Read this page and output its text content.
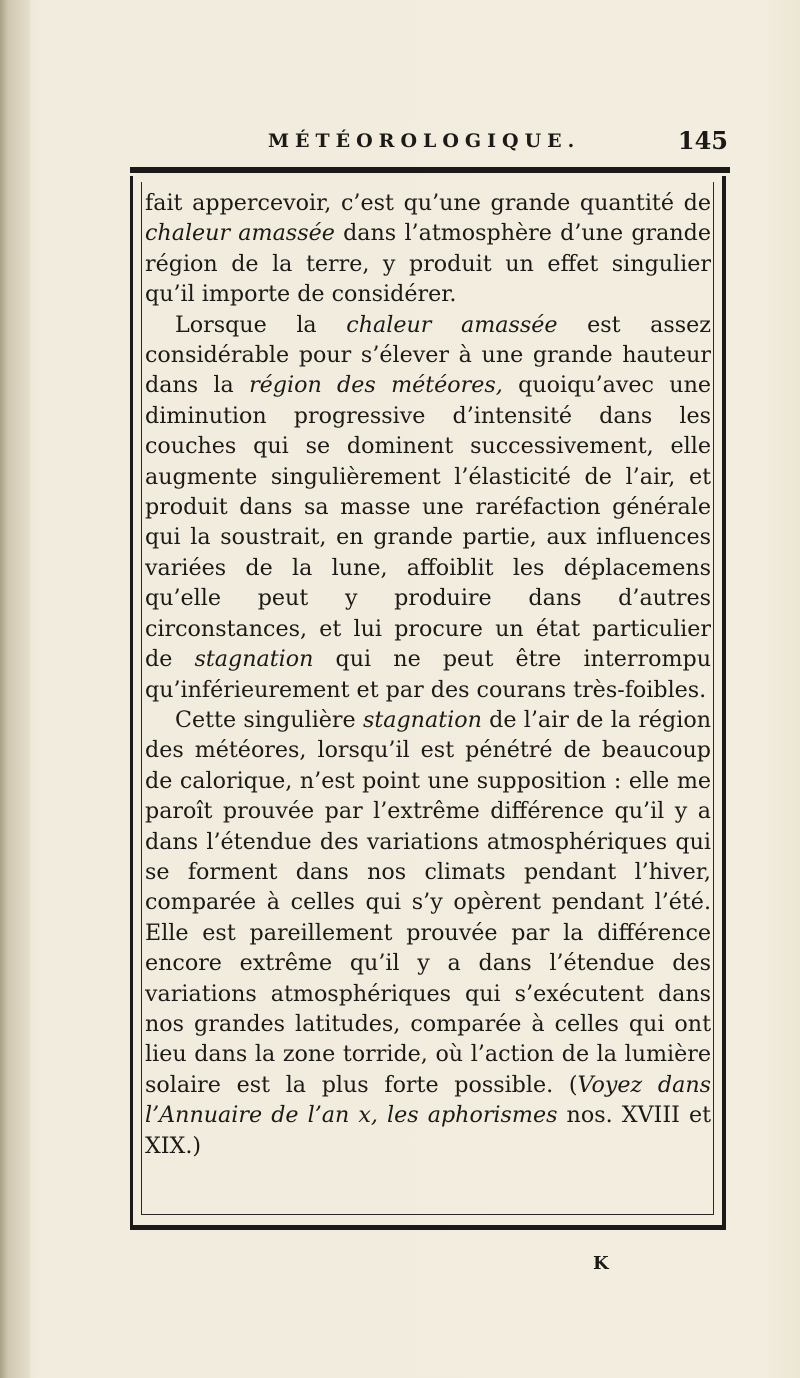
MÉTÉOROLOGIQUE.	145

fait appercevoir, c’est qu’une grande quantité de chaleur amassée dans l’atmosphère d’une grande région de la terre, y produit un effet singulier qu’il importe de considérer.

Lorsque la chaleur amassée est assez considérable pour s’élever à une grande hauteur dans la région des météores, quoiqu’avec une diminution progressive d’intensité dans les couches qui se dominent successivement, elle augmente singulièrement l’élasticité de l’air, et produit dans sa masse une raréfaction générale qui la soustrait, en grande partie, aux influences variées de la lune, affoiblit les déplacemens qu’elle peut y produire dans d’autres circonstances, et lui procure un état particulier de stagnation qui ne peut être interrompu qu’inférieurement et par des courans très-foibles.

Cette singulière stagnation de l’air de la région des météores, lorsqu’il est pénétré de beaucoup de calorique, n’est point une supposition : elle me paroît prouvée par l’extrême différence qu’il y a dans l’étendue des variations atmosphériques qui se forment dans nos climats pendant l’hiver, comparée à celles qui s’y opèrent pendant l’été. Elle est pareillement prouvée par la différence encore extrême qu’il y a dans l’étendue des variations atmosphériques qui s’exécutent dans nos grandes latitudes, comparée à celles qui ont lieu dans la zone torride, où l’action de la lumière solaire est la plus forte possible. (Voyez dans l’Annuaire de l’an x, les aphorismes nos. XVIII et XIX.)

K
